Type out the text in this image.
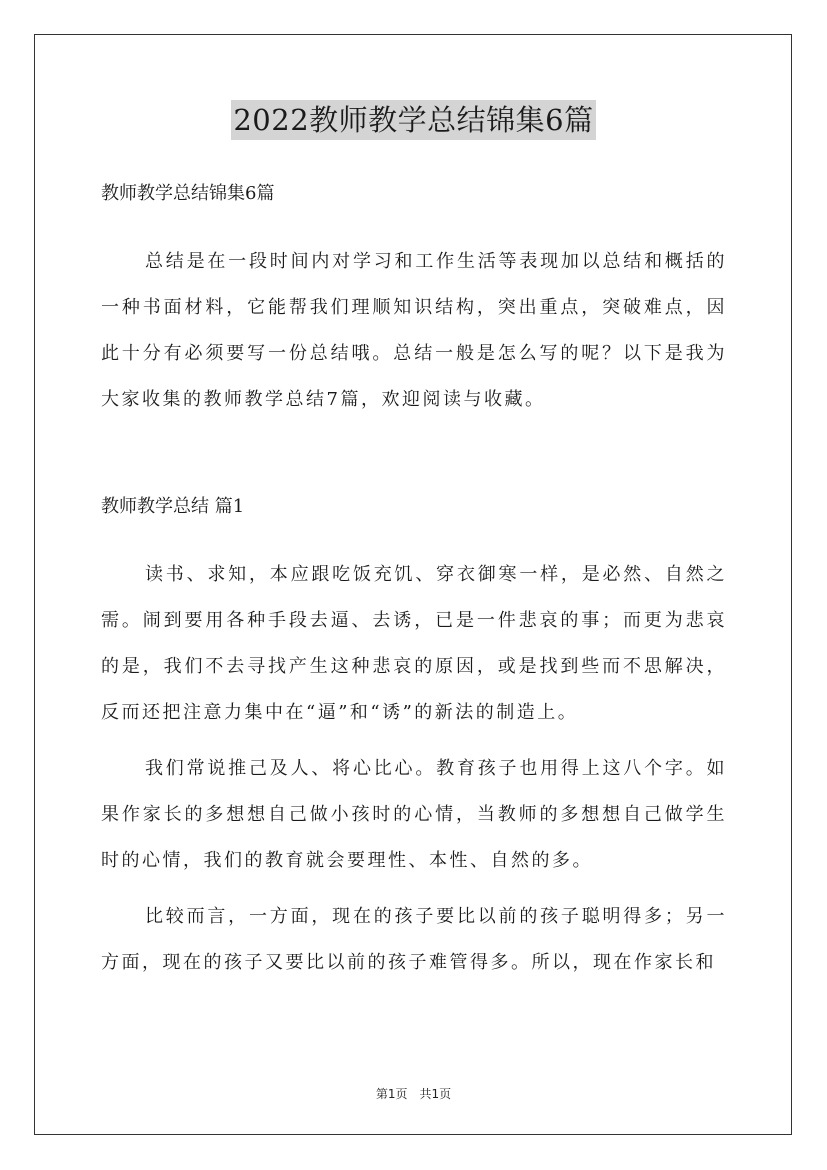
2022教师教学总结锦集6篇

教师教学总结锦集6篇

总结是在一段时间内对学习和工作生活等表现加以总结和概括的一种书面材料，它能帮我们理顺知识结构，突出重点，突破难点，因此十分有必须要写一份总结哦。总结一般是怎么写的呢？以下是我为大家收集的教师教学总结7篇，欢迎阅读与收藏。

教师教学总结 篇1

读书、求知，本应跟吃饭充饥、穿衣御寒一样，是必然、自然之需。闹到要用各种手段去逼、去诱，已是一件悲哀的事；而更为悲哀的是，我们不去寻找产生这种悲哀的原因，或是找到些而不思解决，反而还把注意力集中在“逼”和“诱”的新法的制造上。

我们常说推己及人、将心比心。教育孩子也用得上这八个字。如果作家长的多想想自己做小孩时的心情，当教师的多想想自己做学生时的心情，我们的教育就会要理性、本性、自然的多。

比较而言，一方面，现在的孩子要比以前的孩子聪明得多；另一方面，现在的孩子又要比以前的孩子难管得多。所以，现在作家长和

第1页 共1页
